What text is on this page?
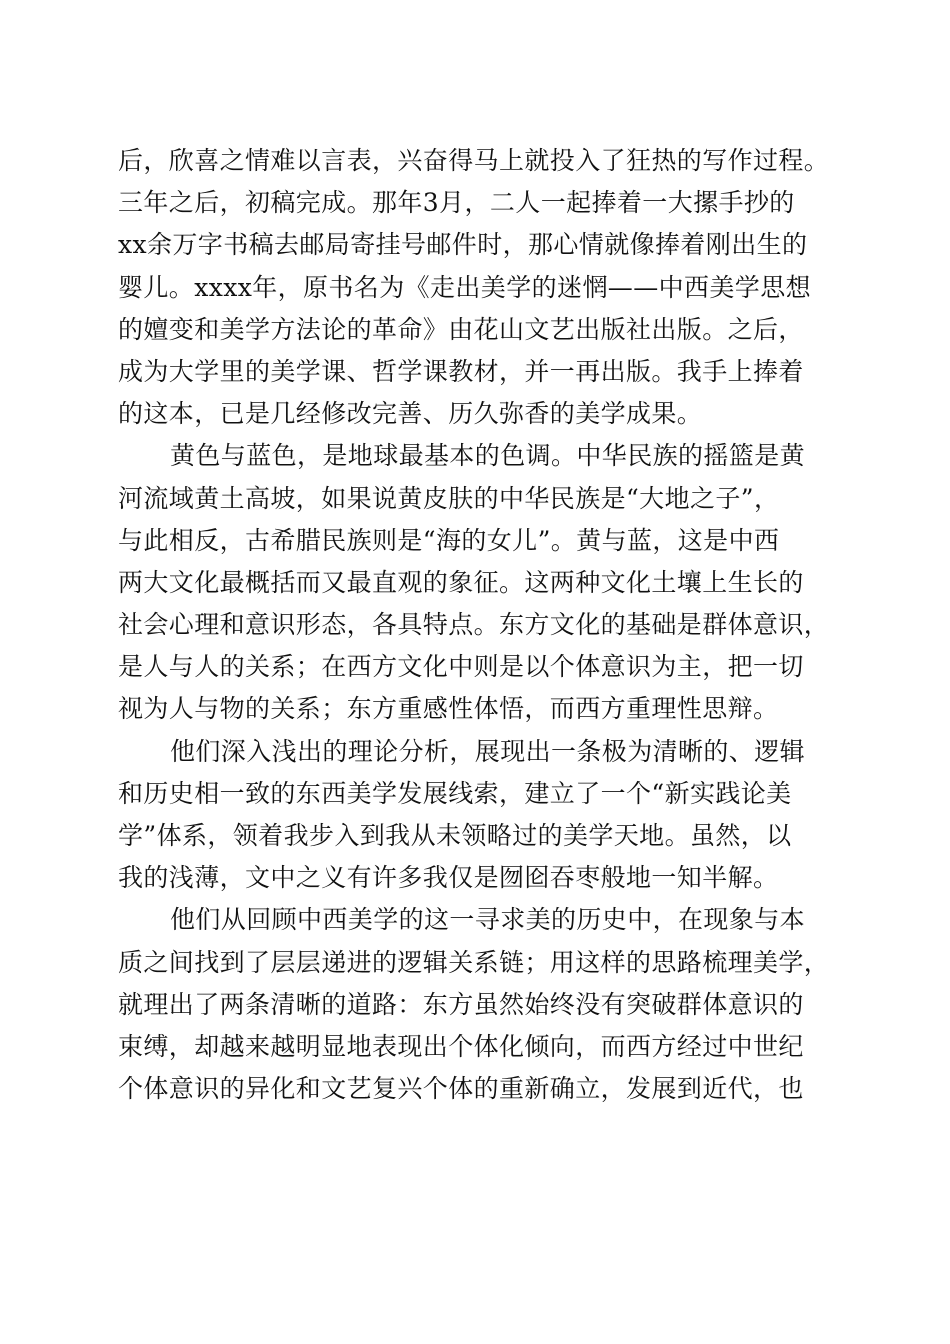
后，欣喜之情难以言表，兴奋得马上就投入了狂热的写作过程。
三年之后，初稿完成。那年3月，二人一起捧着一大摞手抄的
xx余万字书稿去邮局寄挂号邮件时，那心情就像捧着刚出生的
婴儿。xxxx年，原书名为《走出美学的迷惘——中西美学思想
的嬗变和美学方法论的革命》由花山文艺出版社出版。之后，
成为大学里的美学课、哲学课教材，并一再出版。我手上捧着
的这本，已是几经修改完善、历久弥香的美学成果。
黄色与蓝色，是地球最基本的色调。中华民族的摇篮是黄
河流域黄土高坡，如果说黄皮肤的中华民族是“大地之子”，
与此相反，古希腊民族则是“海的女儿”。黄与蓝，这是中西
两大文化最概括而又最直观的象征。这两种文化土壤上生长的
社会心理和意识形态，各具特点。东方文化的基础是群体意识，
是人与人的关系；在西方文化中则是以个体意识为主，把一切
视为人与物的关系；东方重感性体悟，而西方重理性思辩。
他们深入浅出的理论分析，展现出一条极为清晰的、逻辑
和历史相一致的东西美学发展线索，建立了一个“新实践论美
学”体系，领着我步入到我从未领略过的美学天地。虽然，以
我的浅薄，文中之义有许多我仅是囫囵吞枣般地一知半解。
他们从回顾中西美学的这一寻求美的历史中，在现象与本
质之间找到了层层递进的逻辑关系链；用这样的思路梳理美学，
就理出了两条清晰的道路：东方虽然始终没有突破群体意识的
束缚，却越来越明显地表现出个体化倾向，而西方经过中世纪
个体意识的异化和文艺复兴个体的重新确立，发展到近代，也
